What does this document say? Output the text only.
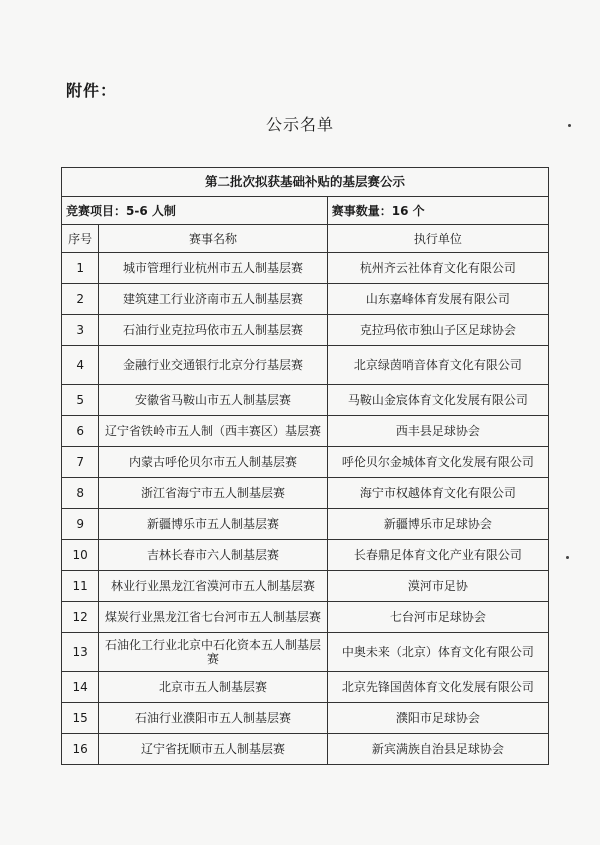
附件：
公示名单
第二批次拟获基础补贴的基层赛公示		
竞赛项目：5-6 人制		赛事数量：16 个
序号	赛事名称	执行单位
1	城市管理行业杭州市五人制基层赛	杭州齐云社体育文化有限公司
2	建筑建工行业济南市五人制基层赛	山东嘉峰体育发展有限公司
3	石油行业克拉玛依市五人制基层赛	克拉玛依市独山子区足球协会
4	金融行业交通银行北京分行基层赛	北京绿茵哨音体育文化有限公司
5	安徽省马鞍山市五人制基层赛	马鞍山金宸体育文化发展有限公司
6	辽宁省铁岭市五人制（西丰赛区）基层赛	西丰县足球协会
7	内蒙古呼伦贝尔市五人制基层赛	呼伦贝尔金城体育文化发展有限公司
8	浙江省海宁市五人制基层赛	海宁市权越体育文化有限公司
9	新疆博乐市五人制基层赛	新疆博乐市足球协会
10	吉林长春市六人制基层赛	长春鼎足体育文化产业有限公司
11	林业行业黑龙江省漠河市五人制基层赛	漠河市足协
12	煤炭行业黑龙江省七台河市五人制基层赛	七台河市足球协会
13	石油化工行业北京中石化资本五人制基层赛	中奥未来（北京）体育文化有限公司
14	北京市五人制基层赛	北京先锋国茵体育文化发展有限公司
15	石油行业濮阳市五人制基层赛	濮阳市足球协会
16	辽宁省抚顺市五人制基层赛	新宾满族自治县足球协会
